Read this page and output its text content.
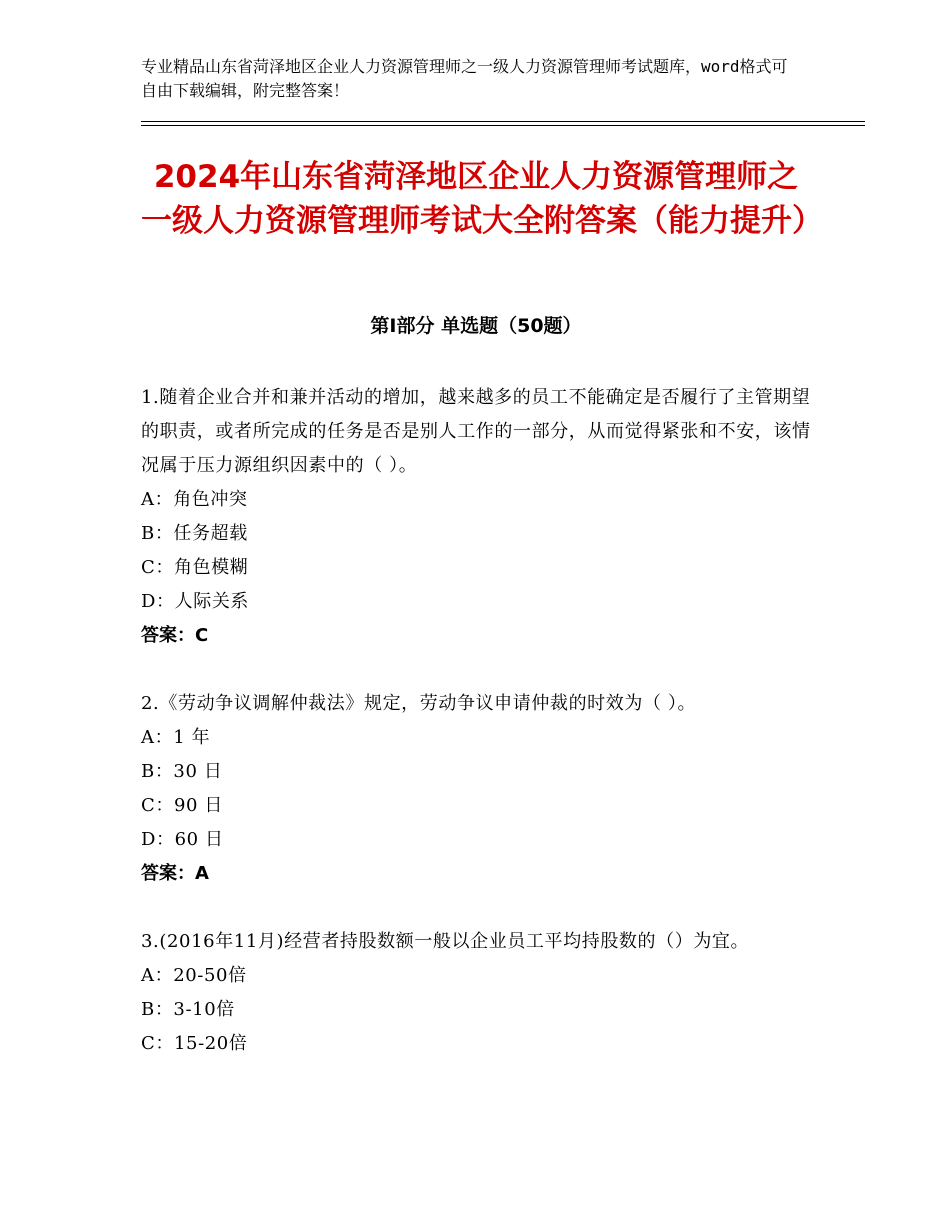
专业精品山东省菏泽地区企业人力资源管理师之一级人力资源管理师考试题库，word格式可自由下载编辑，附完整答案！
2024年山东省菏泽地区企业人力资源管理师之一级人力资源管理师考试大全附答案（能力提升）
第Ⅰ部分 单选题（50题）

1.随着企业合并和兼并活动的增加，越来越多的员工不能确定是否履行了主管期望的职责，或者所完成的任务是否是别人工作的一部分，从而觉得紧张和不安，该情况属于压力源组织因素中的（ ）。

A：角色冲突

B：任务超载

C：角色模糊

D：人际关系

答案：C

2.《劳动争议调解仲裁法》规定，劳动争议申请仲裁的时效为（ ）。

A：1 年

B：30 日

C：90 日

D：60 日

答案：A

3.(2016年11月)经营者持股数额一般以企业员工平均持股数的（）为宜。

A：20-50倍

B：3-10倍

C：15-20倍
